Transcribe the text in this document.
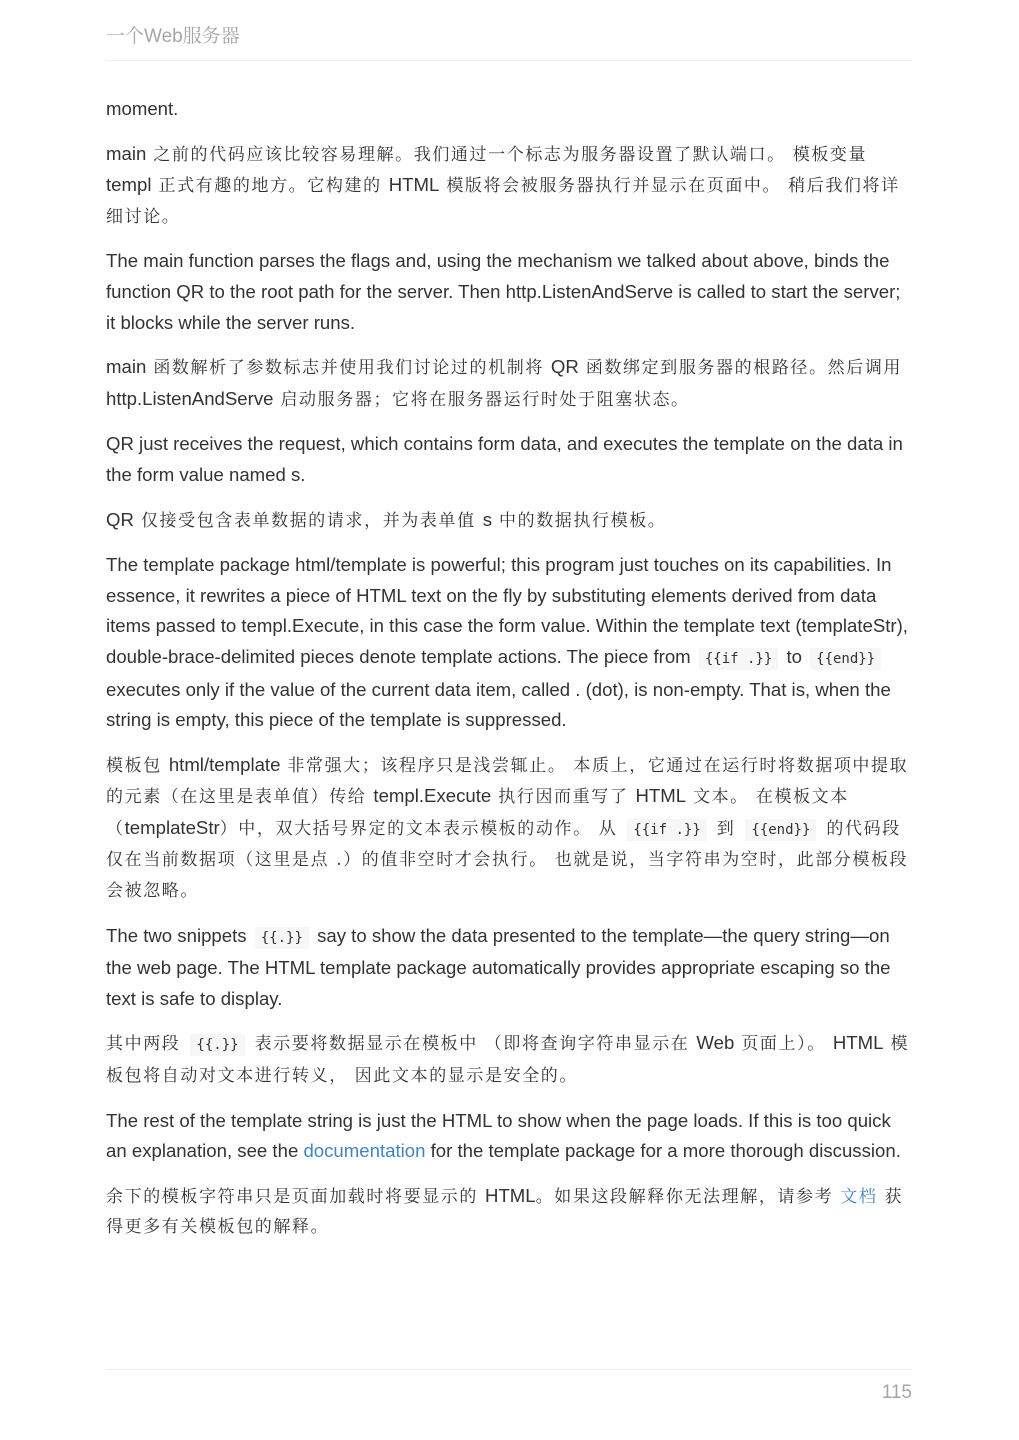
一个Web服务器

moment.

main 之前的代码应该比较容易理解。我们通过一个标志为服务器设置了默认端口。 模板变量 templ 正式有趣的地方。它构建的 HTML 模版将会被服务器执行并显示在页面中。 稍后我们将详细讨论。

The main function parses the flags and, using the mechanism we talked about above, binds the function QR to the root path for the server. Then http.ListenAndServe is called to start the server; it blocks while the server runs.

main 函数解析了参数标志并使用我们讨论过的机制将 QR 函数绑定到服务器的根路径。然后调用 http.ListenAndServe 启动服务器；它将在服务器运行时处于阻塞状态。

QR just receives the request, which contains form data, and executes the template on the data in the form value named s.

QR 仅接受包含表单数据的请求，并为表单值 s 中的数据执行模板。

The template package html/template is powerful; this program just touches on its capabilities. In essence, it rewrites a piece of HTML text on the fly by substituting elements derived from data items passed to templ.Execute, in this case the form value. Within the template text (templateStr), double-brace-delimited pieces denote template actions. The piece from {{if .}} to {{end}} executes only if the value of the current data item, called . (dot), is non-empty. That is, when the string is empty, this piece of the template is suppressed.

模板包 html/template 非常强大；该程序只是浅尝辄止。 本质上，它通过在运行时将数据项中提取的元素（在这里是表单值）传给 templ.Execute 执行因而重写了 HTML 文本。 在模板文本（templateStr）中，双大括号界定的文本表示模板的动作。 从 {{if .}} 到 {{end}} 的代码段仅在当前数据项（这里是点 .）的值非空时才会执行。 也就是说，当字符串为空时，此部分模板段会被忽略。

The two snippets {{.}} say to show the data presented to the template—the query string—on the web page. The HTML template package automatically provides appropriate escaping so the text is safe to display.

其中两段 {{.}} 表示要将数据显示在模板中 （即将查询字符串显示在 Web 页面上）。 HTML 模板包将自动对文本进行转义， 因此文本的显示是安全的。

The rest of the template string is just the HTML to show when the page loads. If this is too quick an explanation, see the documentation for the template package for a more thorough discussion.

余下的模板字符串只是页面加载时将要显示的 HTML。如果这段解释你无法理解，请参考 文档 获得更多有关模板包的解释。

115
